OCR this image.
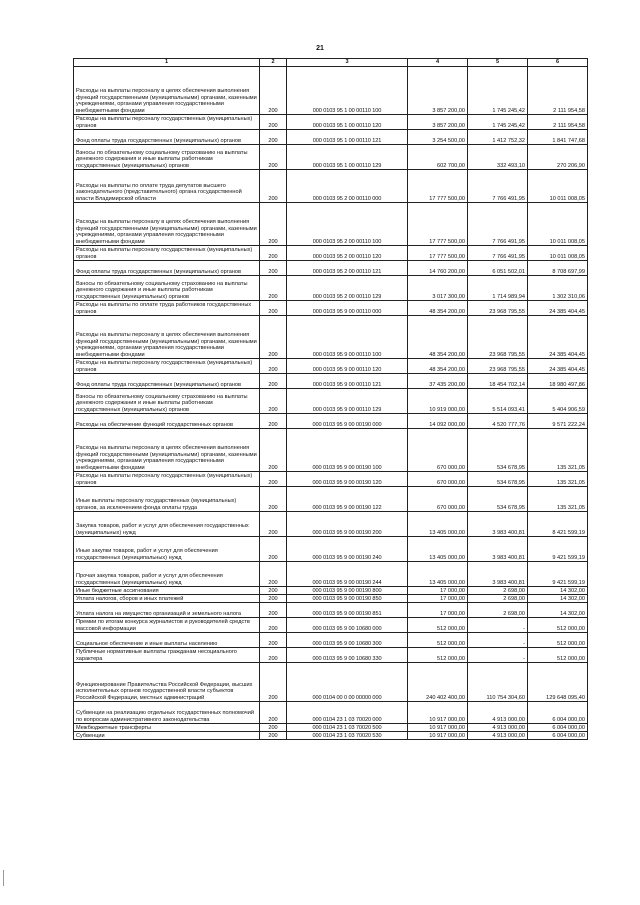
21
1	2	3	4	5	6
Расходы на выплаты персоналу в целях обеспечения выполнения функций государственными (муниципальными) органами, казенными учреждениями, органами управления государственными внебюджетными фондами	200	000 0103 95 1 00 00110 100	3 857 200,00	1 745 245,42	2 111 954,58
Расходы на выплаты персоналу государственных (муниципальных) органов	200	000 0103 95 1 00 00110 120	3 857 200,00	1 745 245,42	2 111 954,58
Фонд оплаты труда государственных (муниципальных) органов	200	000 0103 95 1 00 00110 121	3 254 500,00	1 412 752,32	1 841 747,68
Взносы по обязательному социальному страхованию на выплаты денежного содержания и иные выплаты работникам государственных (муниципальных) органов	200	000 0103 95 1 00 00110 129	602 700,00	332 493,10	270 206,90
Расходы на выплаты по оплате труда депутатов высшего законодательного (представительного) органа государственной власти Владимирской области	200	000 0103 95 2 00 00110 000	17 777 500,00	7 766 491,95	10 011 008,05
Расходы на выплаты персоналу в целях обеспечения выполнения функций государственными (муниципальными) органами, казенными учреждениями, органами управления государственными внебюджетными фондами	200	000 0103 95 2 00 00110 100	17 777 500,00	7 766 491,95	10 011 008,05
Расходы на выплаты персоналу государственных (муниципальных) органов	200	000 0103 95 2 00 00110 120	17 777 500,00	7 766 491,95	10 011 008,05
Фонд оплаты труда государственных (муниципальных) органов	200	000 0103 95 2 00 00110 121	14 760 200,00	6 051 502,01	8 708 697,99
Взносы по обязательному социальному страхованию на выплаты денежного содержания и иные выплаты работникам государственных (муниципальных) органов	200	000 0103 95 2 00 00110 129	3 017 300,00	1 714 989,94	1 302 310,06
Расходы на выплаты по оплате труда работников государственных органов	200	000 0103 95 9 00 00110 000	48 354 200,00	23 968 795,55	24 385 404,45
Расходы на выплаты персоналу в целях обеспечения выполнения функций государственными (муниципальными) органами, казенными учреждениями, органами управления государственными внебюджетными фондами	200	000 0103 95 9 00 00110 100	48 354 200,00	23 968 795,55	24 385 404,45
Расходы на выплаты персоналу государственных (муниципальных) органов	200	000 0103 95 9 00 00110 120	48 354 200,00	23 968 795,55	24 385 404,45
Фонд оплаты труда государственных (муниципальных) органов	200	000 0103 95 9 00 00110 121	37 435 200,00	18 454 702,14	18 980 497,86
Взносы по обязательному социальному страхованию на выплаты денежного содержания и иные выплаты работникам государственных (муниципальных) органов	200	000 0103 95 9 00 00110 129	10 919 000,00	5 514 093,41	5 404 906,59
Расходы на обеспечение функций государственных органов	200	000 0103 95 9 00 00190 000	14 092 000,00	4 520 777,76	9 571 222,24
Расходы на выплаты персоналу в целях обеспечения выполнения функций государственными (муниципальными) органами, казенными учреждениями, органами управления государственными внебюджетными фондами	200	000 0103 95 9 00 00190 100	670 000,00	534 678,95	135 321,05
Расходы на выплаты персоналу государственных (муниципальных) органов	200	000 0103 95 9 00 00190 120	670 000,00	534 678,95	135 321,05
Иные выплаты персоналу государственных (муниципальных) органов, за исключением фонда оплаты труда	200	000 0103 95 9 00 00190 122	670 000,00	534 678,95	135 321,05
Закупка товаров, работ и услуг для обеспечения государственных (муниципальных) нужд	200	000 0103 95 9 00 00190 200	13 405 000,00	3 983 400,81	8 421 599,19
Иные закупки товаров, работ и услуг для обеспечения государственных (муниципальных) нужд	200	000 0103 95 9 00 00190 240	13 405 000,00	3 983 400,81	9 421 599,19
Прочая закупка товаров, работ и услуг для обеспечения государственных (муниципальных) нужд	200	000 0103 95 9 00 00190 244	13 405 000,00	3 983 400,81	9 421 599,19
Иные бюджетные ассигнования	200	000 0103 95 9 00 00190 800	17 000,00	2 698,00	14 302,00
Уплата налогов, сборов и иных платежей	200	000 0103 95 9 00 00190 850	17 000,00	2 698,00	14 302,00
Уплата налога на имущество организаций и земельного налога	200	000 0103 95 9 00 00190 851	17 000,00	2 698,00	14 302,00
Премии по итогам конкурса журналистов и руководителей средств массовой информации	200	000 0103 95 9 00 10680 000	512 000,00	-	512 000,00
Социальное обеспечение и иные выплаты населению	200	000 0103 95 9 00 10680 300	512 000,00	-	512 000,00
Публичные нормативные выплаты гражданам несоциального характера	200	000 0103 95 9 00 10680 330	512 000,00	-	512 000,00
Функционирование Правительства Российской Федерации, высших исполнительных органов государственной власти субъектов Российской Федерации, местных администраций	200	000 0104 00 0 00 00000 000	240 402 400,00	110 754 304,60	129 648 095,40
Субвенции на реализацию отдельных государственных полномочий по вопросам административного законодательства	200	000 0104 23 1 03 70020 000	10 917 000,00	4 913 000,00	6 004 000,00
Межбюджетные трансферты	200	000 0104 23 1 03 70020 500	10 917 000,00	4 913 000,00	6 004 000,00
Субвенции	200	000 0104 23 1 03 70020 530	10 917 000,00	4 913 000,00	6 004 000,00
